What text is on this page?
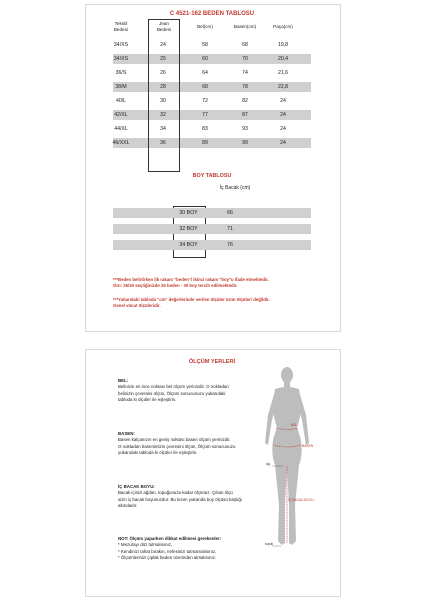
C 4521-162 BEDEN TABLOSU
Tekstil
Bedeni
Jean
Bedeni
Bel(cm)	Basen(cm)	Paça(cm)
34/XS	24	58	68	19,8
34/XS	25	60	70	20,4
36/S	26	64	74	21,6
38/M	28	68	78	22,8
40/L	30	72	82	24
42/XL	32	77	87	24
44/XL	34	83	93	24
46/XXL	36	89	99	24
BOY TABLOSU
İç Bacak (cm)
30 BOY	66
32 BOY	71
34 BOY	76
***Beden belirtirken ilk rakam "beden"i ikinci rakam "boy"u ifade etmektedir.
Örn: 25/30 seçtiğinizde 25 beden - 30 boy tercih edilmektedir.
***Yukarıdaki tabloda "cm" değerlerinde verilen ölçüler ürün ölçüleri değildir.
Genel vücut ölçüleridir.
ÖLÇÜM YERLERİ
BEL:
Belinizin en ince noktası bel ölçüm yerinizdir. O noktadan
belinizin çevresini ölçün, Ölçüm sonucunuzu yukarıdaki
tabloda ki ölçüler ile eşleştirin.
BASEN:
Basen kalçanızın en geniş noktası basen ölçüm yerinizdir.
O noktadan basenimizin çevresini ölçün, Ölçüm sonucunuzu
yukarıdaki tabloda ki ölçüler ile eşleştirin.
İÇ BACAK BOYU:
Bacak içinizi ağdan, topuğunuza kadar ölçünüz. Çıkan ölçü
sizin iç bacak boyunuzdur. Bu kısım yukarıda boy ölçüsü başlığı
altındadır.
NOT: Ölçüm yaparken dikkat edilmesi gerekenler:
* Mezurayı düz tutmalısınız,
* Kendinizi rahat bırakın, nefesinizi tutmamalısınız,
* Ölçümlerinizi çıplak beden üzerinden almalısınız.
BEL
BASEN
İÇ BACAK BOYU
ağ
topuk
